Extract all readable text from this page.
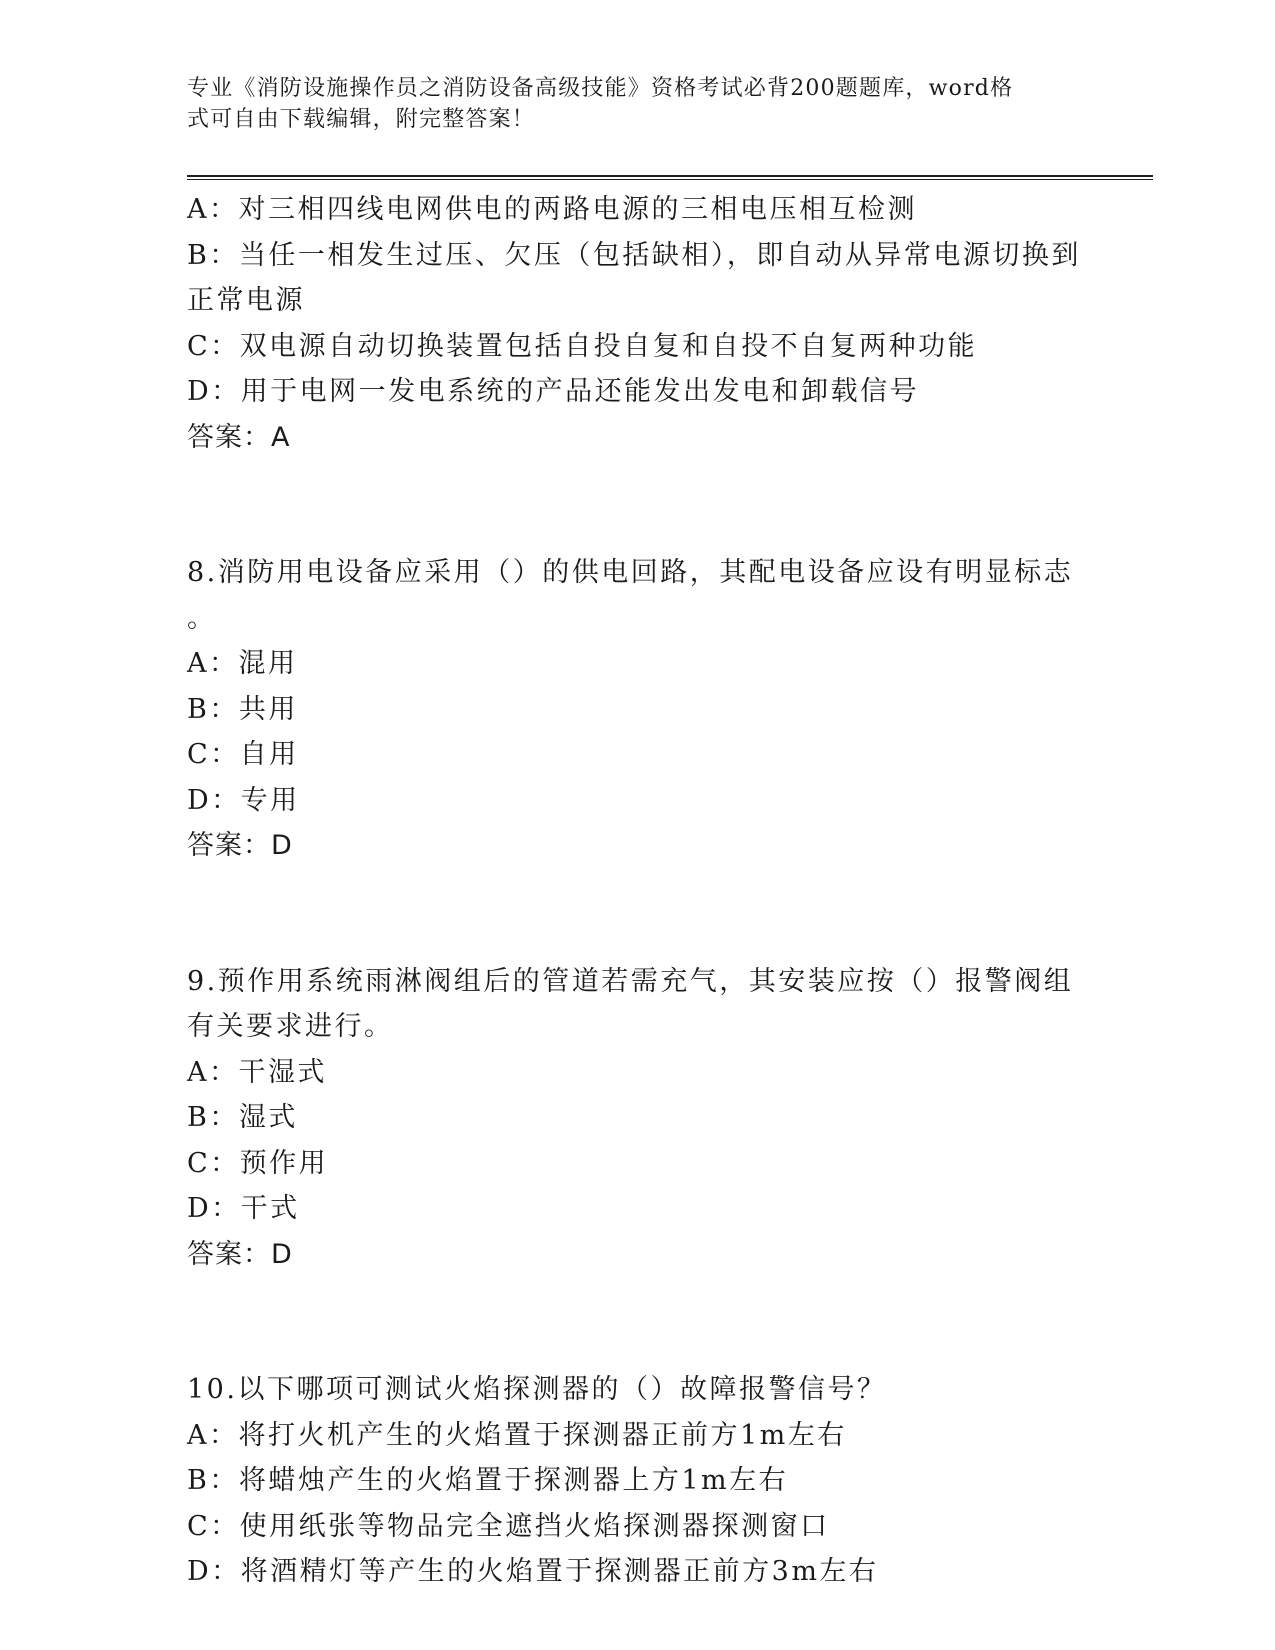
专业《消防设施操作员之消防设备高级技能》资格考试必背200题题库，word格
式可自由下载编辑，附完整答案！
A：对三相四线电网供电的两路电源的三相电压相互检测
B：当任一相发生过压、欠压（包括缺相），即自动从异常电源切换到
正常电源
C：双电源自动切换装置包括自投自复和自投不自复两种功能
D：用于电网一发电系统的产品还能发出发电和卸载信号
答案：A
8.消防用电设备应采用（）的供电回路，其配电设备应设有明显标志
。
A：混用
B：共用
C：自用
D：专用
答案：D
9.预作用系统雨淋阀组后的管道若需充气，其安装应按（）报警阀组
有关要求进行。
A：干湿式
B：湿式
C：预作用
D：干式
答案：D
10.以下哪项可测试火焰探测器的（）故障报警信号？
A：将打火机产生的火焰置于探测器正前方1m左右
B：将蜡烛产生的火焰置于探测器上方1m左右
C：使用纸张等物品完全遮挡火焰探测器探测窗口
D：将酒精灯等产生的火焰置于探测器正前方3m左右
